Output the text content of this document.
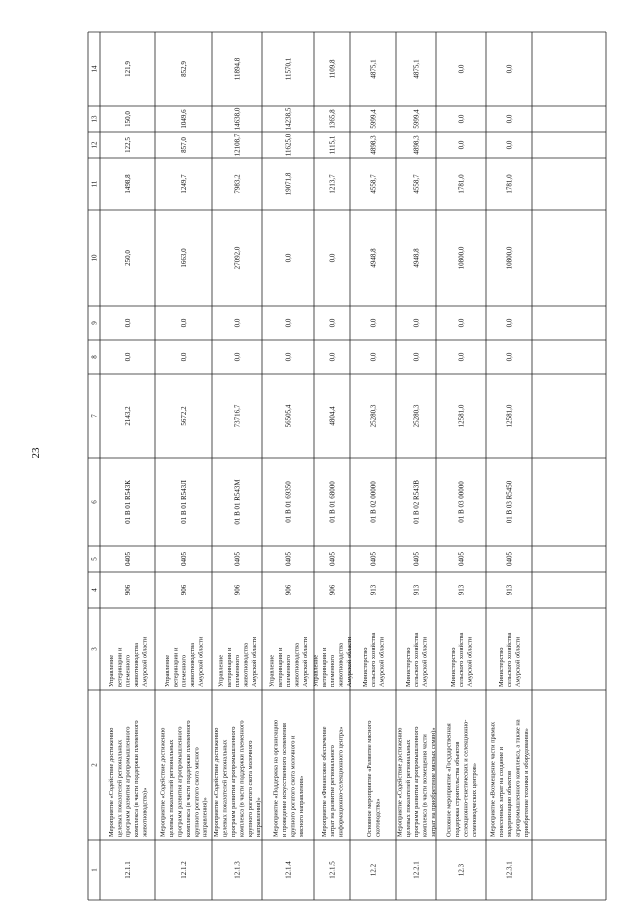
23
1
2
3
4
5
6
7
8
9
10
11
12
13
14
12.1.1
Мероприятие «Содействие достижению целевых показателей региональных программ развития агропромышленного комплекса (в части поддержки племенного животноводства)»
Управление ветеринарии и племенного животноводства Амурской области
906
0405
01 В 01 R543К
2143,2
0,0
0,0
250,0
1498,8
122,5
150,0
121,9
12.1.2
Мероприятие «Содействие достижению целевых показателей региональных программ развития агропромышленного комплекса (в части поддержки племенного крупного рогатого скота мясного направления)»
Управление ветеринарии и племенного животноводства Амурской области
906
0405
01 В 01 R543Л
5672,2
0,0
0,0
1663,0
1249,7
857,0
1049,6
852,9
12.1.3
Мероприятие «Содействие достижению целевых показателей региональных программ развития агропромышленного комплекса (в части поддержки племенного крупного рогатого скота молочного направления)»
Управление ветеринарии и племенного животноводства Амурской области
906
0405
01 В 01 R543М
73716,7
0,0
0,0
27092,0
7983,2
12108,7
14638,0
11894,8
12.1.4
Мероприятие «Поддержка на организацию и проведение искусственного осеменения крупного рогатого скота молочного и мясного направления»
Управление ветеринарии и племенного животноводства Амурской области
906
0405
01 В 01 69350
56505,4
0,0
0,0
0,0
19071,8
11625,0
14238,5
11570,1
12.1.5
Мероприятие «Финансовое обеспечение затрат на развитие регионального информационно-селекционного центра»
Управление ветеринарии и племенного животноводства Амурской области
906
0405
01 В 01 68000
4804,4
0,0
0,0
0,0
1213,7
1115,1
1365,8
1109,8
12.2
Основное мероприятие «Развитие мясного скотоводства»
Министерство сельского хозяйства Амурской области
913
0405
01 В 02 00000
25280,3
0,0
0,0
4948,8
4558,7
4898,3
5999,4
4875,1
12.2.1
Мероприятие «Содействие достижению целевых показателей региональных программ развития агропромышленного комплекса (в части возмещения части затрат на приобретение мясных семян)»
Министерство сельского хозяйства Амурской области
913
0405
01 В 02 R543В
25280,3
0,0
0,0
4948,8
4558,7
4898,3
5999,4
4875,1
12.3
Основное мероприятие «Государственная поддержка строительства объектов селекционно-генетических и селекционно- семеноводческих центров»
Министерство сельского хозяйства Амурской области
913
0405
01 В 03 00000
12581,0
0,0
0,0
10800,0
1781,0
0,0
0,0
0,0
12.3.1
Мероприятие «Возмещение части прямых понесенных затрат на создание и модернизацию объектов агропромышленного комплекса, а также на приобретение техники и оборудования»
Министерство сельского хозяйства Амурской области
913
0405
01 В 03 R5450
12581,0
0,0
0,0
10800,0
1781,0
0,0
0,0
0,0
